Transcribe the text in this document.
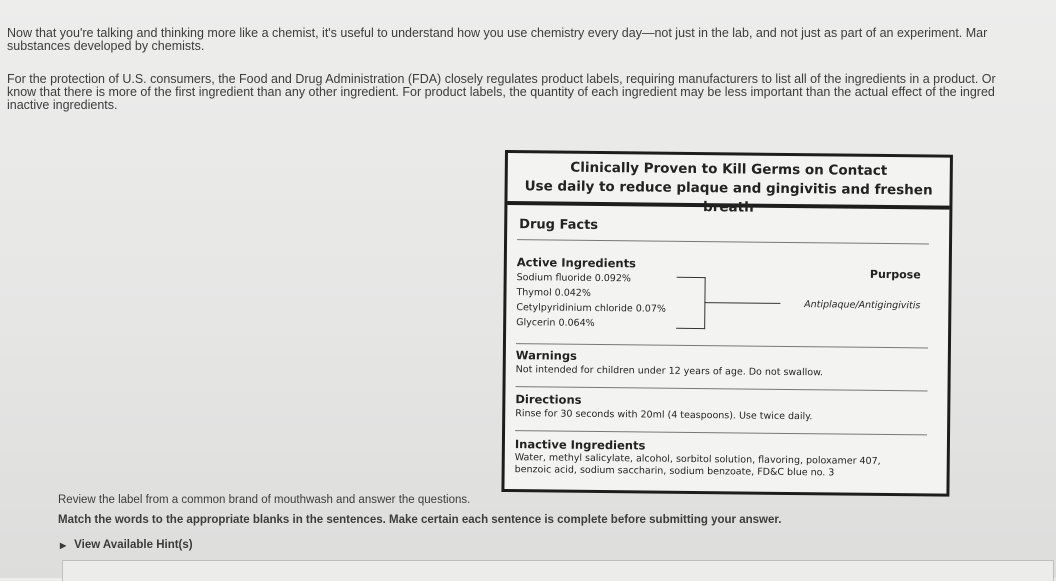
Now that you're talking and thinking more like a chemist, it's useful to understand how you use chemistry every day—not just in the lab, and not just as part of an experiment. Mar
substances developed by chemists.
For the protection of U.S. consumers, the Food and Drug Administration (FDA) closely regulates product labels, requiring manufacturers to list all of the ingredients in a product. Or
know that there is more of the first ingredient than any other ingredient. For product labels, the quantity of each ingredient may be less important than the actual effect of the ingred
inactive ingredients.
Clinically Proven to Kill Germs on Contact
Use daily to reduce plaque and gingivitis and freshen breath
Drug Facts
Active Ingredients
Purpose
Sodium fluoride 0.092%
Thymol 0.042%
Cetylpyridinium chloride 0.07%
Glycerin 0.064%
Antiplaque/Antigingivitis
Warnings
Not intended for children under 12 years of age. Do not swallow.
Directions
Rinse for 30 seconds with 20ml (4 teaspoons). Use twice daily.
Inactive Ingredients
Water, methyl salicylate, alcohol, sorbitol solution, flavoring, poloxamer 407,
benzoic acid, sodium saccharin, sodium benzoate, FD&C blue no. 3
Review the label from a common brand of mouthwash and answer the questions.
Match the words to the appropriate blanks in the sentences. Make certain each sentence is complete before submitting your answer.
▶ View Available Hint(s)
